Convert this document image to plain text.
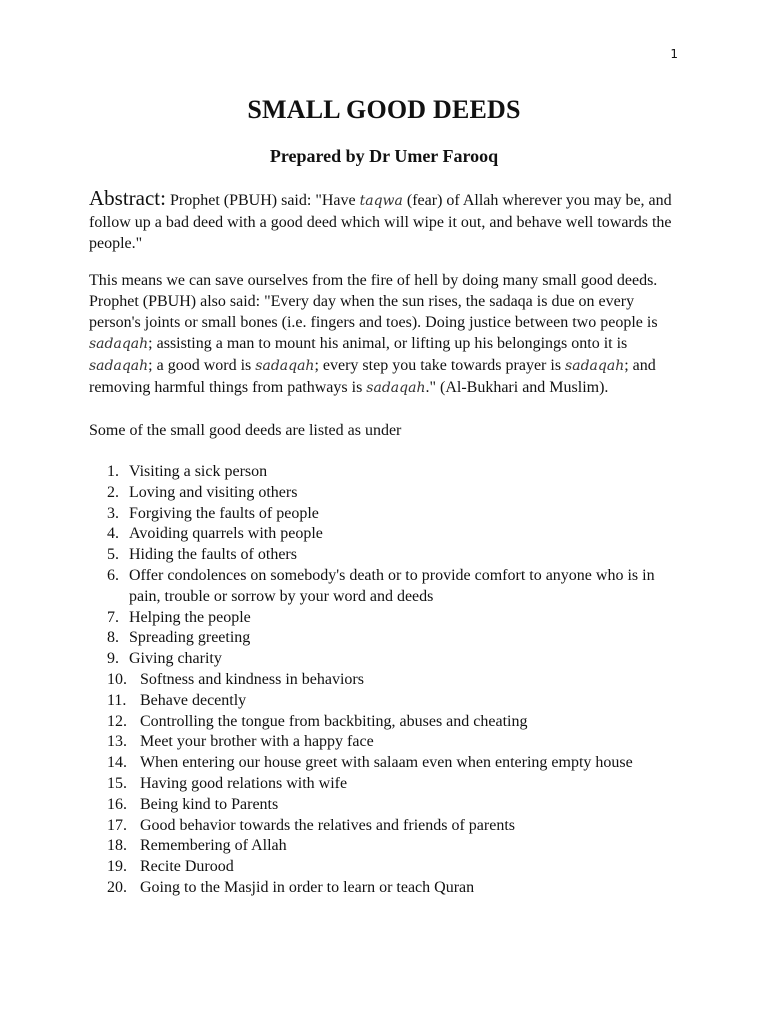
1
SMALL GOOD DEEDS
Prepared by Dr Umer Farooq

Abstract: Prophet (PBUH) said: "Have taqwa (fear) of Allah wherever you may be, and follow up a bad deed with a good deed which will wipe it out, and behave well towards the people."

This means we can save ourselves from the fire of hell by doing many small good deeds. Prophet (PBUH) also said: "Every day when the sun rises, the sadaqa is due on every person's joints or small bones (i.e. fingers and toes). Doing justice between two people is sadaqah; assisting a man to mount his animal, or lifting up his belongings onto it is sadaqah; a good word is sadaqah; every step you take towards prayer is sadaqah; and removing harmful things from pathways is sadaqah." (Al-Bukhari and Muslim).

Some of the small good deeds are listed as under

1. Visiting a sick person
2. Loving and visiting others
3. Forgiving the faults of people
4. Avoiding quarrels with people
5. Hiding the faults of others
6. Offer condolences on somebody's death or to provide comfort to anyone who is in pain, trouble or sorrow by your word and deeds
7. Helping the people
8. Spreading greeting
9. Giving charity
10. Softness and kindness in behaviors
11. Behave decently
12. Controlling the tongue from backbiting, abuses and cheating
13. Meet your brother with a happy face
14. When entering our house greet with salaam even when entering empty house
15. Having good relations with wife
16. Being kind to Parents
17. Good behavior towards the relatives and friends of parents
18. Remembering of Allah
19. Recite Durood
20. Going to the Masjid in order to learn or teach Quran
